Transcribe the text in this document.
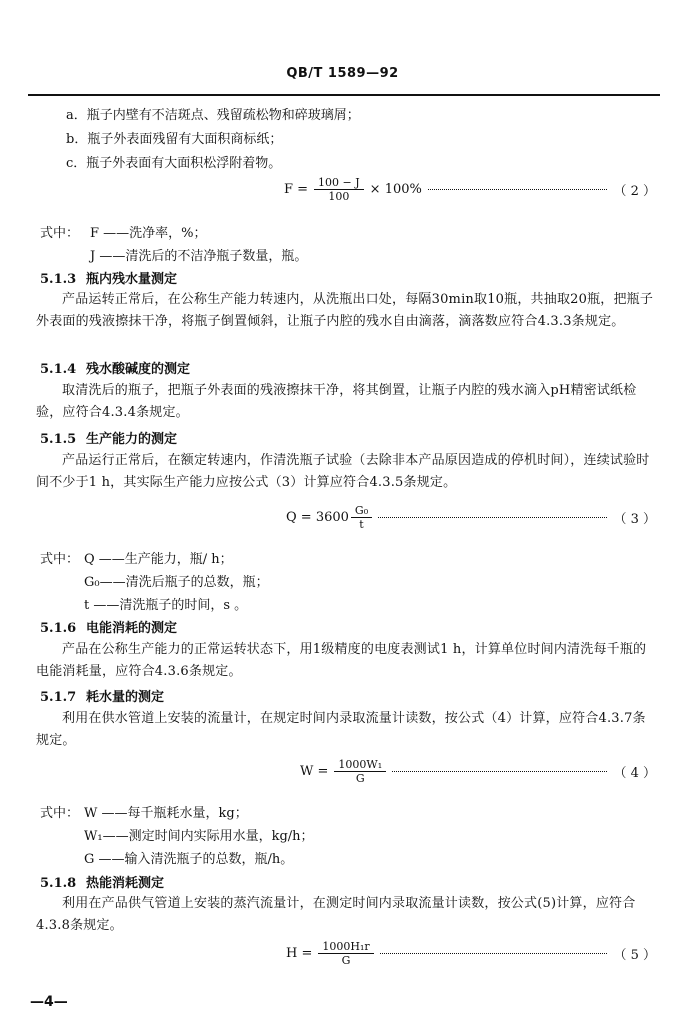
QB/T 1589—92
a．瓶子内壁有不洁斑点、残留疏松物和碎玻璃屑；
b．瓶子外表面残留有大面积商标纸；
c．瓶子外表面有大面积松浮附着物。
$F = \frac{100 - J}{100} \times 100\%$	（ 2 ）
式中： F ——洗净率，%；
J ——清洗后的不洁净瓶子数量，瓶。
5.1.3 瓶内残水量测定
产品运转正常后，在公称生产能力转速内，从洗瓶出口处，每隔30min取10瓶，共抽取20瓶，把瓶子外表面的残液擦抹干净，将瓶子倒置倾斜，让瓶子内腔的残水自由滴落，滴落数应符合4.3.3条规定。
5.1.4 残水酸碱度的测定
取清洗后的瓶子，把瓶子外表面的残液擦抹干净，将其倒置，让瓶子内腔的残水滴入pH精密试纸检验，应符合4.3.4条规定。
5.1.5 生产能力的测定
产品运行正常后，在额定转速内，作清洗瓶子试验（去除非本产品原因造成的停机时间），连续试验时间不少于1 h，其实际生产能力应按公式（3）计算应符合4.3.5条规定。
$Q = 3600 \frac{\text{G₀}}{t}$	（ 3 ）
式中： Q ——生产能力，瓶/ h；
G₀——清洗后瓶子的总数，瓶；
t ——清洗瓶子的时间，s 。
5.1.6 电能消耗的测定
产品在公称生产能力的正常运转状态下，用1级精度的电度表测试1 h，计算单位时间内清洗每千瓶的电能消耗量，应符合4.3.6条规定。
5.1.7 耗水量的测定
利用在供水管道上安装的流量计，在规定时间内录取流量计读数，按公式（4）计算，应符合4.3.7条规定。
$W = \frac{\text{1000W₁}}{G}$	（ 4 ）
式中： W ——每千瓶耗水量，kg；
W₁——测定时间内实际用水量，kg/h；
G ——输入清洗瓶子的总数，瓶/h。
5.1.8 热能消耗测定
利用在产品供气管道上安装的蒸汽流量计，在测定时间内录取流量计读数，按公式(5)计算，应符合4.3.8条规定。
$H = \frac{\text{1000H₁r}}{G}$	（ 5 ）
—4—
